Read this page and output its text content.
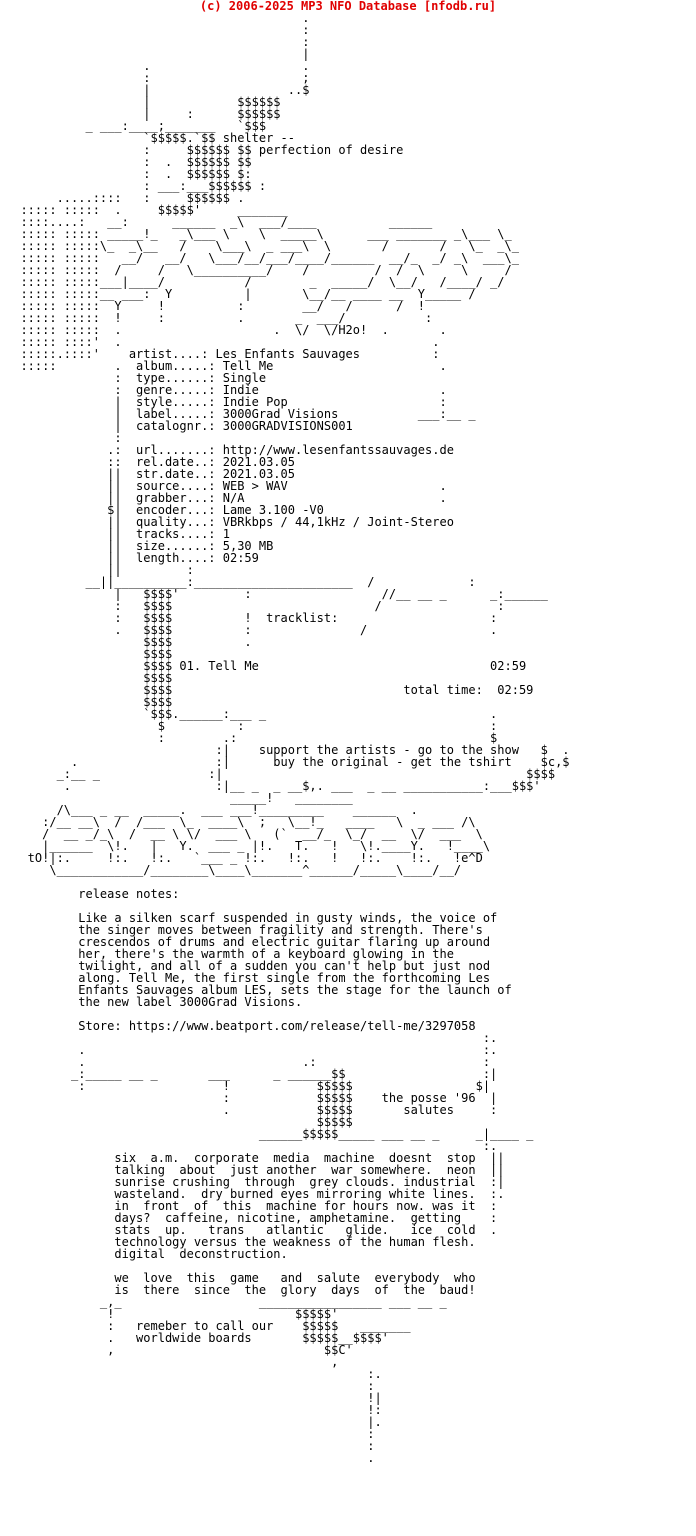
(c) 2006-2025 MP3 NFO Database [nfodb.ru]
.
:
:
|
.                     .
:                     ;
|                   ..$
|            $$$$$$
|     :      $$$$$$
_ ___:____;_______   `$$$
`$$$$$.`$$ shelter --
:     $$$$$$ $$ perfection of desire
:  .  $$$$$$ $$
:  .  $$$$$$ $:
: ___:___$$$$$$ :
.....::::   :     $$$$$$ .
::::: :::::  .     $$$$$'     _______
::::....:   __:      ______  _\  ___/____          ______
::::: ::::: _____!_   _\___ \    \  _____\      ___ _______ _\___ \_
::::: :::::\_  _\__   /    \___\  _ ___\  \       /       /   \_  _\_
::::: :::::   __/   __/   \___/__/___/____/______  __/_  _/ _\  ___\_
::::: :::::  /     /   \__________/    /         /  /  \     \     /
::::: :::::___|____/           /        _  _____/  \__/   /____/ _/
::::: :::::__ ___:  Y          |       \__/__ ____ __  Y_____ /
::::: :::::  Y     !          :        __/   /      /  !
::::: :::::  !     :          .       _  ___/           :
::::: :::::  .                     .  \/  \/H2o!  .       .
::::: ::::'  .                                           .
:::::.::::'    artist....: Les Enfants Sauvages          :
:::::        .  album.....: Tell Me                       .
:  type......: Single
:  genre.....: Indie                         .
|  style.....: Indie Pop                     :
|  label.....: 3000Grad Visions           ___:__ _
|  catalognr.: 3000GRADVISIONS001
:
.:  url.......: http://www.lesenfantssauvages.de
::  rel.date..: 2021.03.05
||  str.date..: 2021.03.05
||  source....: WEB > WAV                     .
||  grabber...: N/A                           .
$|  encoder...: Lame 3.100 -V0
||  quality...: VBRkbps / 44,1kHz / Joint-Stereo
||  tracks....: 1
||  size......: 5,30 MB
||  length....: 02:59
||         :
__||__________:______________________  /             :
|   $$$$'         :                  //__ __ _      _:______
:   $$$$                            /                :
:   $$$$          !  tracklist:                     :
.   $$$$          :               /                 .
$$$$          .
$$$$
$$$$ 01. Tell Me                                02:59
$$$$
$$$$                                total time:  02:59
$$$$
`$$$.______:___ _                               .
$          :                                  :
:        .:                                   $
:|    support the artists - go to the show   $  .
.                   :|      buy the original - get the tshirt    $c,$
_:__ _               :|                                          $$$$
.                    :|__ _  _ __$,. ___  _ __ ___________:___$$$'
_____!   ________
/\___ _ __  _____.  ___ ___!_________    ______  .
:/__ __\  /  /___  \_  ____\  ;   \__!_   ____   \  _ ___ /\
/  __ _/_\  /  __ \ \/  ___ \   (`  __/_  \_/  __  \/  ___  \
|______  \!.   |   Y.  ___ _ |!.   T.   !   \!.____Y.   !____\
tO!|:.     !:.   !:.   `___ _ !:.   !:.   !   !:.    !:.   !e^D
\____________/________\____\_______^______/_____\____/__/

release notes:

Like a silken scarf suspended in gusty winds, the voice of
the singer moves between fragility and strength. There's
crescendos of drums and electric guitar flaring up around
her, there's the warmth of a keyboard glowing in the
twilight, and all of a sudden you can't help but just nod
along. Tell Me, the first single from the forthcoming Les
Enfants Sauvages album LES, sets the stage for the launch of
the new label 3000Grad Visions.

Store: https://www.beatport.com/release/tell-me/3297058
:.
.                                                       :.
.                              .:                       :
_:_____ __ _       ___      _ ______$$                   :|
:                   !            $$$$$                 $|
:            $$$$$    the posse '96  |
.            $$$$$       salutes     :
$$$$$
______$$$$$_____ ___ __ _     _|____ _
:.
six  a.m.  corporate  media  machine  doesnt  stop  ||
talking  about  just another  war somewhere.  neon  ||
sunrise crushing  through  grey clouds. industrial  :|
wasteland.  dry burned eyes mirroring white lines.  :.
in  front  of  this  machine for hours now. was it  :
days?  caffeine, nicotine, amphetamine.  getting    :
stats  up.   trans   atlantic   glide.   ice  cold  .
technology versus the weakness of the human flesh.
digital  deconstruction.

we  love  this  game   and  salute  everybody  who
is  there  since  the  glory  days  of  the  baud!
_,_                   _________________ ___ __ _
!                         $$$$$'
:   remeber to call our    $$$$$   _______
.   worldwide boards       $$$$$__$$$$'
,                             $$C'
,
:.
:
!|
!:
|.
:
:
.
